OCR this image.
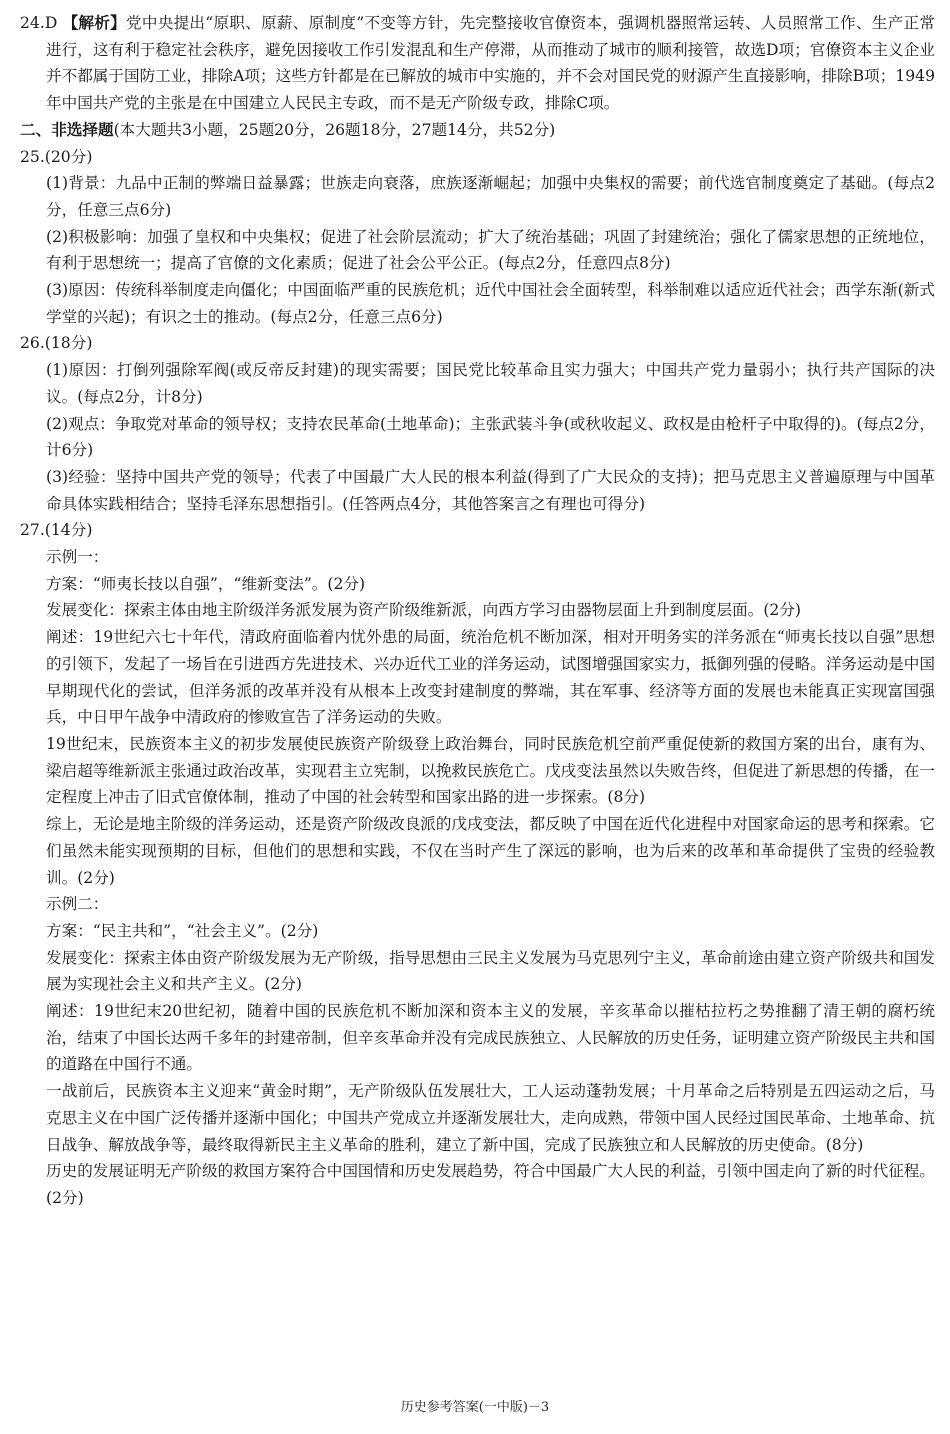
24.D 【解析】党中央提出“原职、原薪、原制度”不变等方针，先完整接收官僚资本，强调机器照常运转、人员照常工作、生产正常进行，这有利于稳定社会秩序，避免因接收工作引发混乱和生产停滞，从而推动了城市的顺利接管，故选D项；官僚资本主义企业并不都属于国防工业，排除A项；这些方针都是在已解放的城市中实施的，并不会对国民党的财源产生直接影响，排除B项；1949年中国共产党的主张是在中国建立人民民主专政，而不是无产阶级专政，排除C项。

二、非选择题(本大题共3小题，25题20分，26题18分，27题14分，共52分)

25.(20分)

(1)背景：九品中正制的弊端日益暴露；世族走向衰落，庶族逐渐崛起；加强中央集权的需要；前代选官制度奠定了基础。(每点2分，任意三点6分)

(2)积极影响：加强了皇权和中央集权；促进了社会阶层流动；扩大了统治基础；巩固了封建统治；强化了儒家思想的正统地位，有利于思想统一；提高了官僚的文化素质；促进了社会公平公正。(每点2分，任意四点8分)

(3)原因：传统科举制度走向僵化；中国面临严重的民族危机；近代中国社会全面转型，科举制难以适应近代社会；西学东渐(新式学堂的兴起)；有识之士的推动。(每点2分，任意三点6分)

26.(18分)

(1)原因：打倒列强除军阀(或反帝反封建)的现实需要；国民党比较革命且实力强大；中国共产党力量弱小；执行共产国际的决议。(每点2分，计8分)

(2)观点：争取党对革命的领导权；支持农民革命(土地革命)；主张武装斗争(或秋收起义、政权是由枪杆子中取得的)。(每点2分，计6分)

(3)经验：坚持中国共产党的领导；代表了中国最广大人民的根本利益(得到了广大民众的支持)；把马克思主义普遍原理与中国革命具体实践相结合；坚持毛泽东思想指引。(任答两点4分，其他答案言之有理也可得分)

27.(14分)

示例一：

方案：“师夷长技以自强”，“维新变法”。(2分)

发展变化：探索主体由地主阶级洋务派发展为资产阶级维新派，向西方学习由器物层面上升到制度层面。(2分)

阐述：19世纪六七十年代，清政府面临着内忧外患的局面，统治危机不断加深，相对开明务实的洋务派在“师夷长技以自强”思想的引领下，发起了一场旨在引进西方先进技术、兴办近代工业的洋务运动，试图增强国家实力，抵御列强的侵略。洋务运动是中国早期现代化的尝试，但洋务派的改革并没有从根本上改变封建制度的弊端，其在军事、经济等方面的发展也未能真正实现富国强兵，中日甲午战争中清政府的惨败宣告了洋务运动的失败。

19世纪末，民族资本主义的初步发展使民族资产阶级登上政治舞台，同时民族危机空前严重促使新的救国方案的出台，康有为、梁启超等维新派主张通过政治改革，实现君主立宪制，以挽救民族危亡。戊戌变法虽然以失败告终，但促进了新思想的传播，在一定程度上冲击了旧式官僚体制，推动了中国的社会转型和国家出路的进一步探索。(8分)

综上，无论是地主阶级的洋务运动，还是资产阶级改良派的戊戌变法，都反映了中国在近代化进程中对国家命运的思考和探索。它们虽然未能实现预期的目标，但他们的思想和实践，不仅在当时产生了深远的影响，也为后来的改革和革命提供了宝贵的经验教训。(2分)

示例二：

方案：“民主共和”，“社会主义”。(2分)

发展变化：探索主体由资产阶级发展为无产阶级，指导思想由三民主义发展为马克思列宁主义，革命前途由建立资产阶级共和国发展为实现社会主义和共产主义。(2分)

阐述：19世纪末20世纪初，随着中国的民族危机不断加深和资本主义的发展，辛亥革命以摧枯拉朽之势推翻了清王朝的腐朽统治，结束了中国长达两千多年的封建帝制，但辛亥革命并没有完成民族独立、人民解放的历史任务，证明建立资产阶级民主共和国的道路在中国行不通。

一战前后，民族资本主义迎来“黄金时期”，无产阶级队伍发展壮大，工人运动蓬勃发展；十月革命之后特别是五四运动之后，马克思主义在中国广泛传播并逐渐中国化；中国共产党成立并逐渐发展壮大，走向成熟，带领中国人民经过国民革命、土地革命、抗日战争、解放战争等，最终取得新民主主义革命的胜利，建立了新中国，完成了民族独立和人民解放的历史使命。(8分)

历史的发展证明无产阶级的救国方案符合中国国情和历史发展趋势，符合中国最广大人民的利益，引领中国走向了新的时代征程。(2分)

历史参考答案(一中版)－3
